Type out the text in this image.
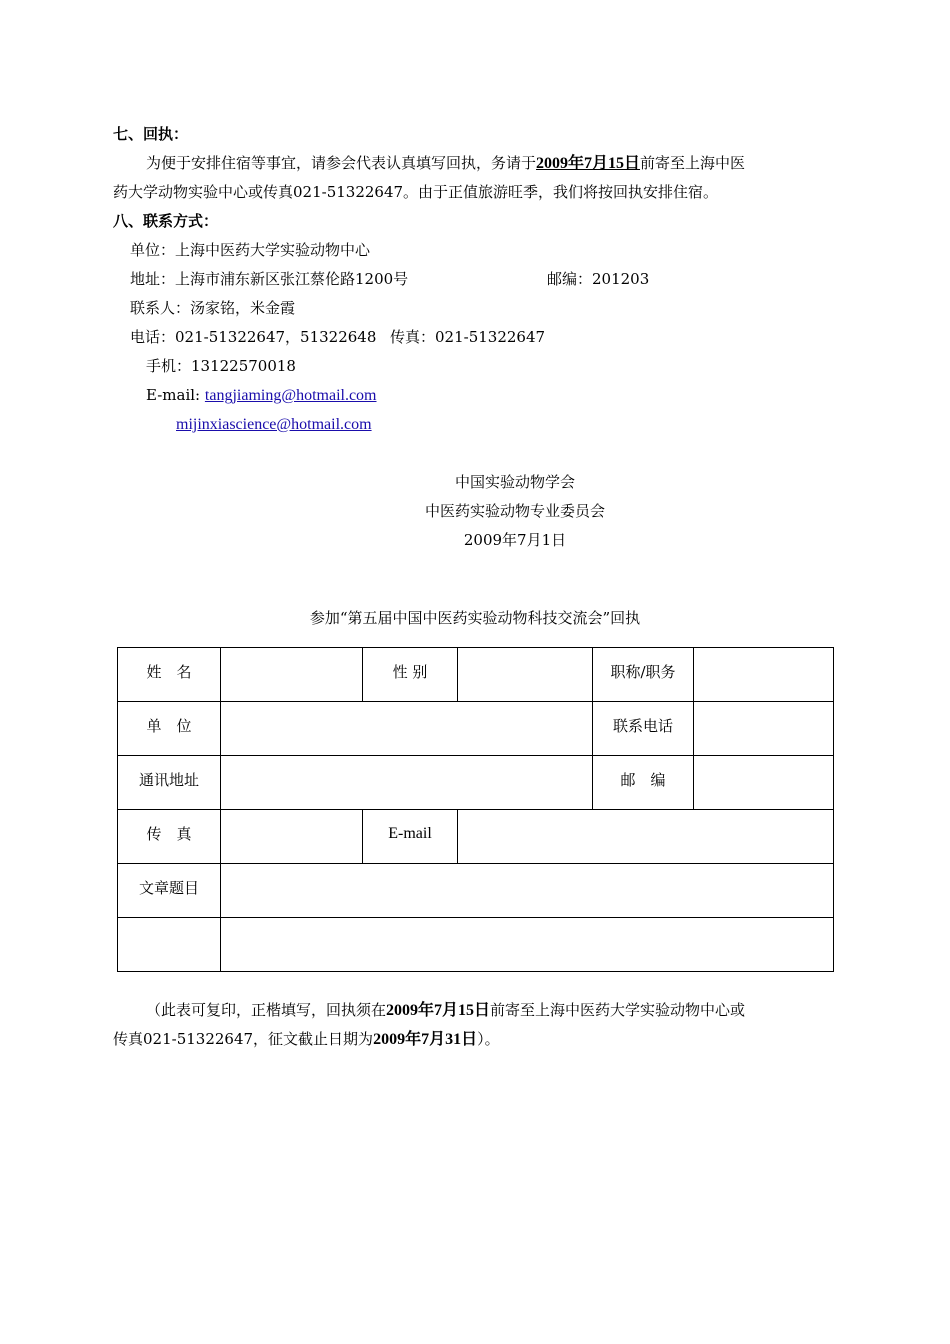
七、回执：
为便于安排住宿等事宜，请参会代表认真填写回执，务请于2009年7月15日前寄至上海中医
药大学动物实验中心或传真021-51322647。由于正值旅游旺季，我们将按回执安排住宿。
八、联系方式：
单位：上海中医药大学实验动物中心
地址：上海市浦东新区张江蔡伦路1200号	邮编：201203
联系人：汤家铭，米金霞
电话：021-51322647，51322648 传真：021-51322647
手机：13122570018
E-mail: tangjiaming@hotmail.com
mijinxiascience@hotmail.com
中国实验动物学会
中医药实验动物专业委员会
2009年7月1日
参加“第五届中国中医药实验动物科技交流会”回执
姓　名		性 别		职称/职务	

单　位				联系电话	

通讯地址				邮　编	

传　真		E-mail			

文章题目					

（此表可复印，正楷填写，回执须在2009年7月15日前寄至上海中医药大学实验动物中心或
传真021-51322647，征文截止日期为2009年7月31日）。
